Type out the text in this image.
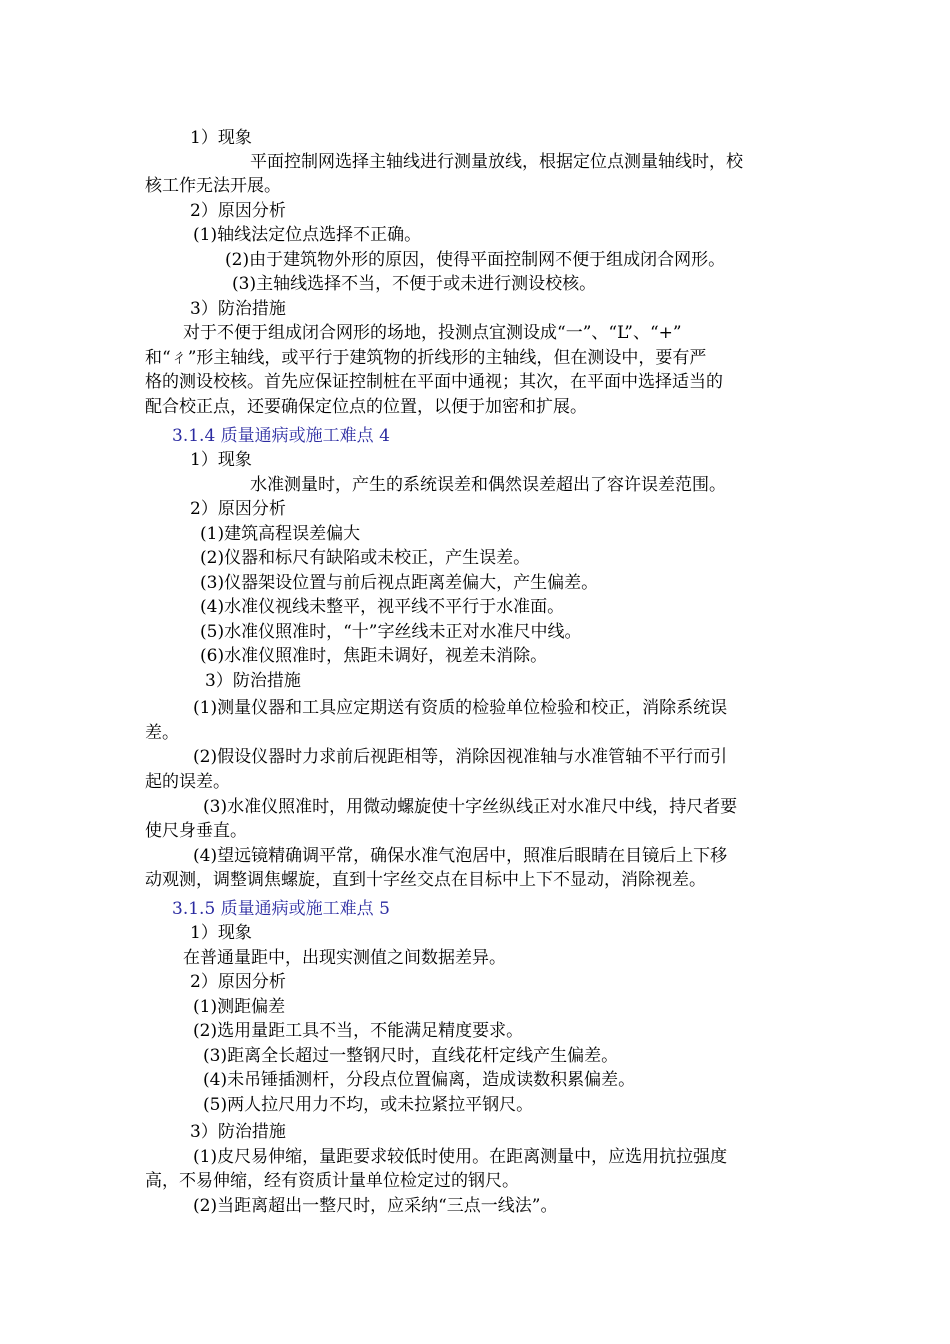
1）现象
平面控制网选择主轴线进行测量放线，根据定位点测量轴线时，校
核工作无法开展。
2）原因分析
(1)轴线法定位点选择不正确。
(2)由于建筑物外形的原因，使得平面控制网不便于组成闭合网形。
(3)主轴线选择不当，不便于或未进行测设校核。
3）防治措施
对于不便于组成闭合网形的场地，投测点宜测设成“一”、“L”、“+”
和“ㄔ”形主轴线，或平行于建筑物的折线形的主轴线，但在测设中，要有严
格的测设校核。首先应保证控制桩在平面中通视；其次，在平面中选择适当的
配合校正点，还要确保定位点的位置，以便于加密和扩展。
3.1.4 质量通病或施工难点 4
1）现象
水准测量时，产生的系统误差和偶然误差超出了容许误差范围。
2）原因分析
(1)建筑高程误差偏大
(2)仪器和标尺有缺陷或未校正，产生误差。
(3)仪器架设位置与前后视点距离差偏大，产生偏差。
(4)水准仪视线未整平，视平线不平行于水准面。
(5)水准仪照准时，“十”字丝线未正对水准尺中线。
(6)水准仪照准时，焦距未调好，视差未消除。
3）防治措施
(1)测量仪器和工具应定期送有资质的检验单位检验和校正，消除系统误
差。
(2)假设仪器时力求前后视距相等，消除因视准轴与水准管轴不平行而引
起的误差。
(3)水准仪照准时，用微动螺旋使十字丝纵线正对水准尺中线，持尺者要
使尺身垂直。
(4)望远镜精确调平常，确保水准气泡居中，照准后眼睛在目镜后上下移
动观测，调整调焦螺旋，直到十字丝交点在目标中上下不显动，消除视差。
3.1.5 质量通病或施工难点 5
1）现象
在普通量距中，出现实测值之间数据差异。
2）原因分析
(1)测距偏差
(2)选用量距工具不当，不能满足精度要求。
(3)距离全长超过一整钢尺时，直线花杆定线产生偏差。
(4)未吊锤插测杆，分段点位置偏离，造成读数积累偏差。
(5)两人拉尺用力不均，或未拉紧拉平钢尺。
3）防治措施
(1)皮尺易伸缩，量距要求较低时使用。在距离测量中，应选用抗拉强度
高，不易伸缩，经有资质计量单位检定过的钢尺。
(2)当距离超出一整尺时，应采纳“三点一线法”。
